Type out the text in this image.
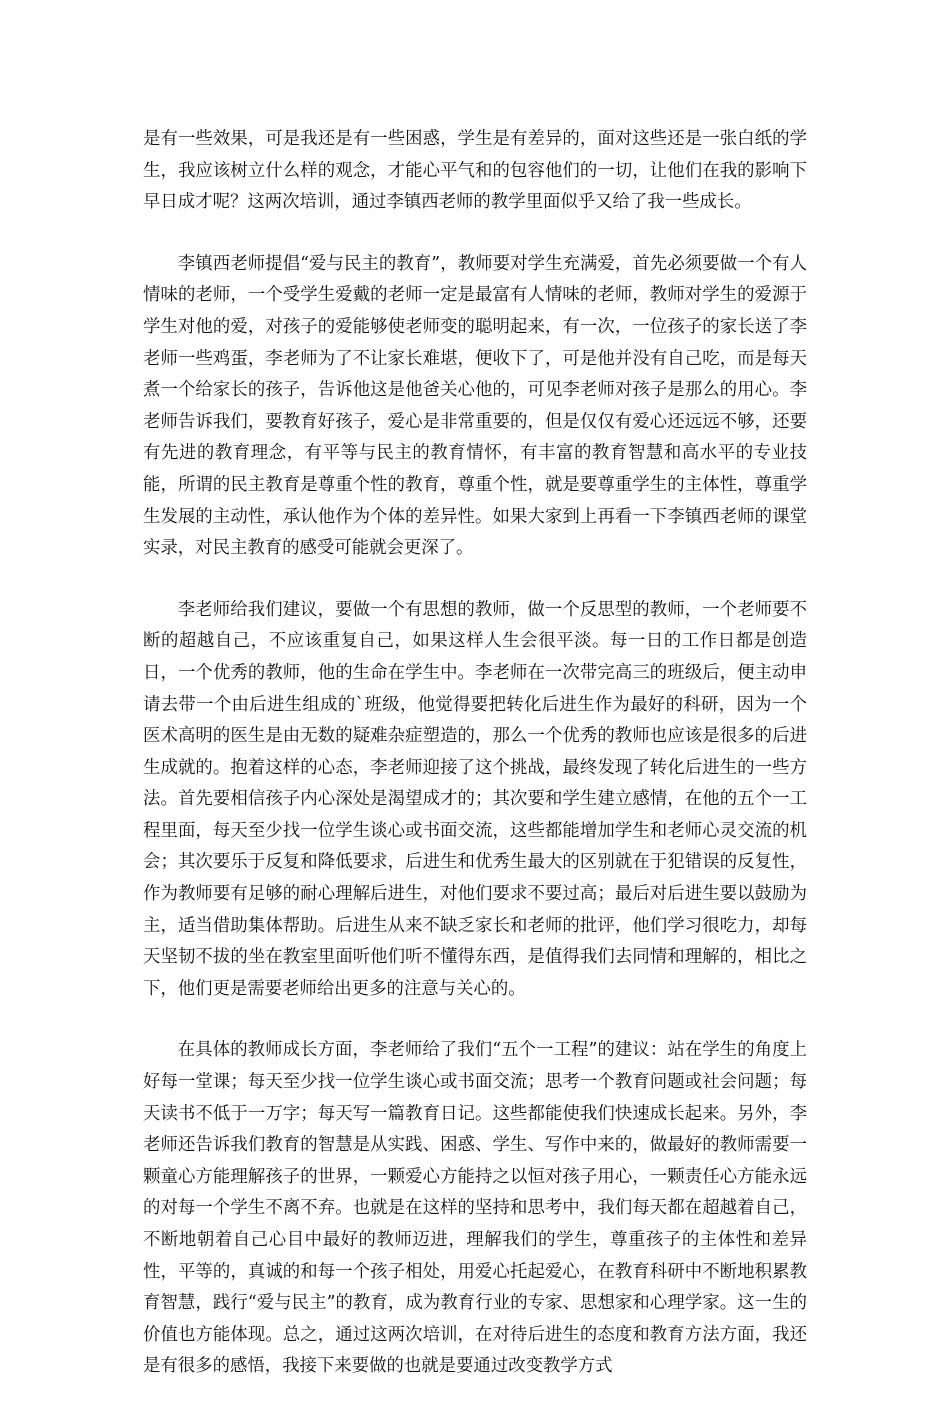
是有一些效果，可是我还是有一些困惑，学生是有差异的，面对这些还是一张白纸的学生，我应该树立什么样的观念，才能心平气和的包容他们的一切，让他们在我的影响下早日成才呢？这两次培训，通过李镇西老师的教学里面似乎又给了我一些成长。

李镇西老师提倡“爱与民主的教育”，教师要对学生充满爱，首先必须要做一个有人情味的老师，一个受学生爱戴的老师一定是最富有人情味的老师，教师对学生的爱源于学生对他的爱，对孩子的爱能够使老师变的聪明起来，有一次，一位孩子的家长送了李老师一些鸡蛋，李老师为了不让家长难堪，便收下了，可是他并没有自己吃，而是每天煮一个给家长的孩子，告诉他这是他爸关心他的，可见李老师对孩子是那么的用心。李老师告诉我们，要教育好孩子，爱心是非常重要的，但是仅仅有爱心还远远不够，还要有先进的教育理念，有平等与民主的教育情怀，有丰富的教育智慧和高水平的专业技能，所谓的民主教育是尊重个性的教育，尊重个性，就是要尊重学生的主体性，尊重学生发展的主动性，承认他作为个体的差异性。如果大家到上再看一下李镇西老师的课堂实录，对民主教育的感受可能就会更深了。

李老师给我们建议，要做一个有思想的教师，做一个反思型的教师，一个老师要不断的超越自己，不应该重复自己，如果这样人生会很平淡。每一日的工作日都是创造日，一个优秀的教师，他的生命在学生中。李老师在一次带完高三的班级后，便主动申请去带一个由后进生组成的`班级，他觉得要把转化后进生作为最好的科研，因为一个医术高明的医生是由无数的疑难杂症塑造的，那么一个优秀的教师也应该是很多的后进生成就的。抱着这样的心态，李老师迎接了这个挑战，最终发现了转化后进生的一些方法。首先要相信孩子内心深处是渴望成才的；其次要和学生建立感情，在他的五个一工程里面，每天至少找一位学生谈心或书面交流，这些都能增加学生和老师心灵交流的机会；其次要乐于反复和降低要求，后进生和优秀生最大的区别就在于犯错误的反复性，作为教师要有足够的耐心理解后进生，对他们要求不要过高；最后对后进生要以鼓励为主，适当借助集体帮助。后进生从来不缺乏家长和老师的批评，他们学习很吃力，却每天坚韧不拔的坐在教室里面听他们听不懂得东西，是值得我们去同情和理解的，相比之下，他们更是需要老师给出更多的注意与关心的。

在具体的教师成长方面，李老师给了我们“五个一工程”的建议：站在学生的角度上好每一堂课；每天至少找一位学生谈心或书面交流；思考一个教育问题或社会问题；每天读书不低于一万字；每天写一篇教育日记。这些都能使我们快速成长起来。另外，李老师还告诉我们教育的智慧是从实践、困惑、学生、写作中来的，做最好的教师需要一颗童心方能理解孩子的世界，一颗爱心方能持之以恒对孩子用心，一颗责任心方能永远的对每一个学生不离不弃。也就是在这样的坚持和思考中，我们每天都在超越着自己，不断地朝着自己心目中最好的教师迈进，理解我们的学生，尊重孩子的主体性和差异性，平等的，真诚的和每一个孩子相处，用爱心托起爱心，在教育科研中不断地积累教育智慧，践行“爱与民主”的教育，成为教育行业的专家、思想家和心理学家。这一生的价值也方能体现。总之，通过这两次培训，在对待后进生的态度和教育方法方面，我还是有很多的感悟，我接下来要做的也就是要通过改变教学方式
